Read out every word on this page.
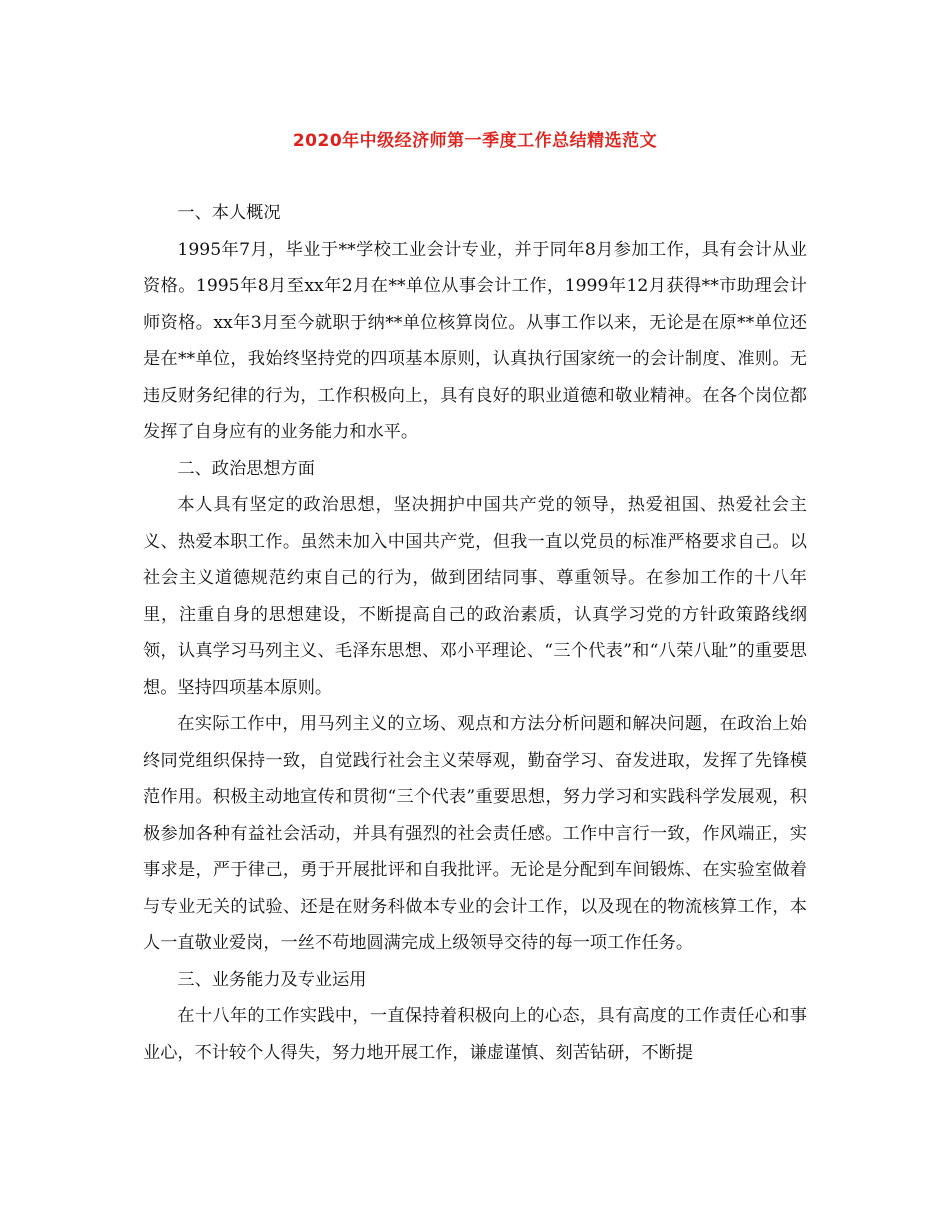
2020年中级经济师第一季度工作总结精选范文

一、本人概况

1995年7月，毕业于**学校工业会计专业，并于同年8月参加工作，具有会计从业资格。1995年8月至xx年2月在**单位从事会计工作，1999年12月获得**市助理会计师资格。xx年3月至今就职于纳**单位核算岗位。从事工作以来，无论是在原**单位还是在**单位，我始终坚持党的四项基本原则，认真执行国家统一的会计制度、准则。无违反财务纪律的行为，工作积极向上，具有良好的职业道德和敬业精神。在各个岗位都发挥了自身应有的业务能力和水平。

二、政治思想方面

本人具有坚定的政治思想，坚决拥护中国共产党的领导，热爱祖国、热爱社会主义、热爱本职工作。虽然未加入中国共产党，但我一直以党员的标准严格要求自己。以社会主义道德规范约束自己的行为，做到团结同事、尊重领导。在参加工作的十八年里，注重自身的思想建设，不断提高自己的政治素质，认真学习党的方针政策路线纲领，认真学习马列主义、毛泽东思想、邓小平理论、“三个代表”和“八荣八耻”的重要思想。坚持四项基本原则。

在实际工作中，用马列主义的立场、观点和方法分析问题和解决问题，在政治上始终同党组织保持一致，自觉践行社会主义荣辱观，勤奋学习、奋发进取，发挥了先锋模范作用。积极主动地宣传和贯彻“三个代表”重要思想，努力学习和实践科学发展观，积极参加各种有益社会活动，并具有强烈的社会责任感。工作中言行一致，作风端正，实事求是，严于律己，勇于开展批评和自我批评。无论是分配到车间锻炼、在实验室做着与专业无关的试验、还是在财务科做本专业的会计工作，以及现在的物流核算工作，本人一直敬业爱岗，一丝不苟地圆满完成上级领导交待的每一项工作任务。

三、业务能力及专业运用

在十八年的工作实践中，一直保持着积极向上的心态，具有高度的工作责任心和事业心，不计较个人得失，努力地开展工作，谦虚谨慎、刻苦钻研，不断提
